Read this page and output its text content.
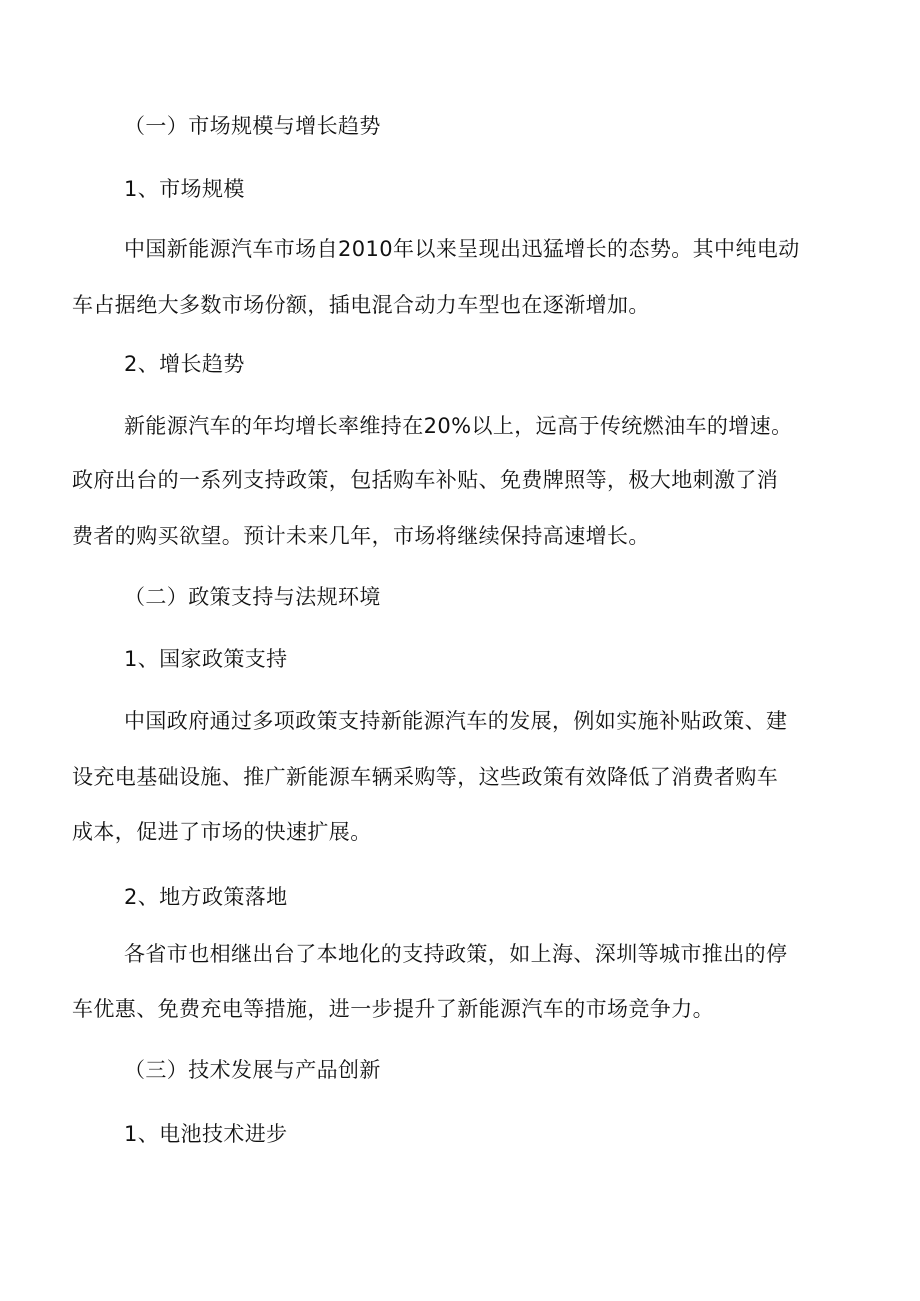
（一）市场规模与增长趋势
1、市场规模
中国新能源汽车市场自2010年以来呈现出迅猛增长的态势。其中纯电动
车占据绝大多数市场份额，插电混合动力车型也在逐渐增加。
2、增长趋势
新能源汽车的年均增长率维持在20%以上，远高于传统燃油车的增速。
政府出台的一系列支持政策，包括购车补贴、免费牌照等，极大地刺激了消
费者的购买欲望。预计未来几年，市场将继续保持高速增长。
（二）政策支持与法规环境
1、国家政策支持
中国政府通过多项政策支持新能源汽车的发展，例如实施补贴政策、建
设充电基础设施、推广新能源车辆采购等，这些政策有效降低了消费者购车
成本，促进了市场的快速扩展。
2、地方政策落地
各省市也相继出台了本地化的支持政策，如上海、深圳等城市推出的停
车优惠、免费充电等措施，进一步提升了新能源汽车的市场竞争力。
（三）技术发展与产品创新
1、电池技术进步
